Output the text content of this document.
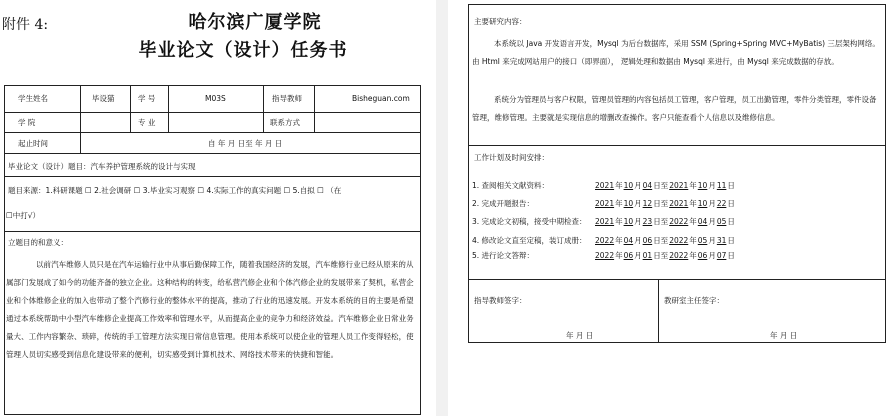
附件 4:	哈尔滨广厦学院
毕业论文（设计）任务书
学生姓名	毕设猫	学 号	M03S	指导教师	Bisheguan.com
学 院	专 业	联系方式
起止时间	自 年 月 日至 年 月 日
毕业论文（设计）题目：汽车养护管理系统的设计与实现
题目来源：1.科研课题 ☐ 2.社会调研 ☐ 3.毕业实习观察 ☐ 4.实际工作的真实问题 ☐ 5.自拟 ☐ （在
☐中打√）
立题目的和意义：
以前汽车维修人员只是在汽车运输行业中从事后勤保障工作，随着我国经济的发展，汽车维修行业已经从原来的从属部门发展成了如今的功能齐备的独立企业。这种结构的转变，给私营汽修企业和个体汽修企业的发展带来了契机，私营企业和个体维修企业的加入也带动了整个汽修行业的整体水平的提高，推动了行业的迅速发展。开发本系统的目的主要是希望通过本系统帮助中小型汽车维修企业提高工作效率和管理水平，从而提高企业的竞争力和经济效益。汽车维修企业日常业务量大、工作内容繁杂、琐碎，传统的手工管理方法实现日常信息管理。使用本系统可以使企业的管理人员工作变得轻松，使管理人员切实感受到信息化建设带来的便利，切实感受到计算机技术、网络技术带来的快捷和智能。
主要研究内容：
本系统以 Java 开发语言开发，Mysql 为后台数据库，采用 SSM (Spring+Spring MVC+MyBatis) 三层架构网络。由 Html 来完成网站用户的接口（即界面）， 逻辑处理和数据由 Mysql 来进行，由 Mysql 来完成数据的存放。
系统分为管理员与客户权限，管理员管理的内容包括员工管理，客户管理，员工出勤管理，零件分类管理，零件设备管理，维修管理。主要就是实现信息的增删改查操作。客户只能查看个人信息以及维修信息。
工作计划及时间安排：
1. 查阅相关文献资料：	2021年10月04日至2021年10月11日
2. 完成开题报告：	2021年10月12日至2021年10月22日
3. 完成论文初稿，接受中期检查： 2021年10月23日至2022年04月05日
4. 修改论文直至定稿，装订成册： 2022年04月06日至2022年05月31日
5. 进行论文答辩：	2022年06月01日至2022年06月07日
指导教师签字：	教研室主任签字：
年 月 日	年 月 日
